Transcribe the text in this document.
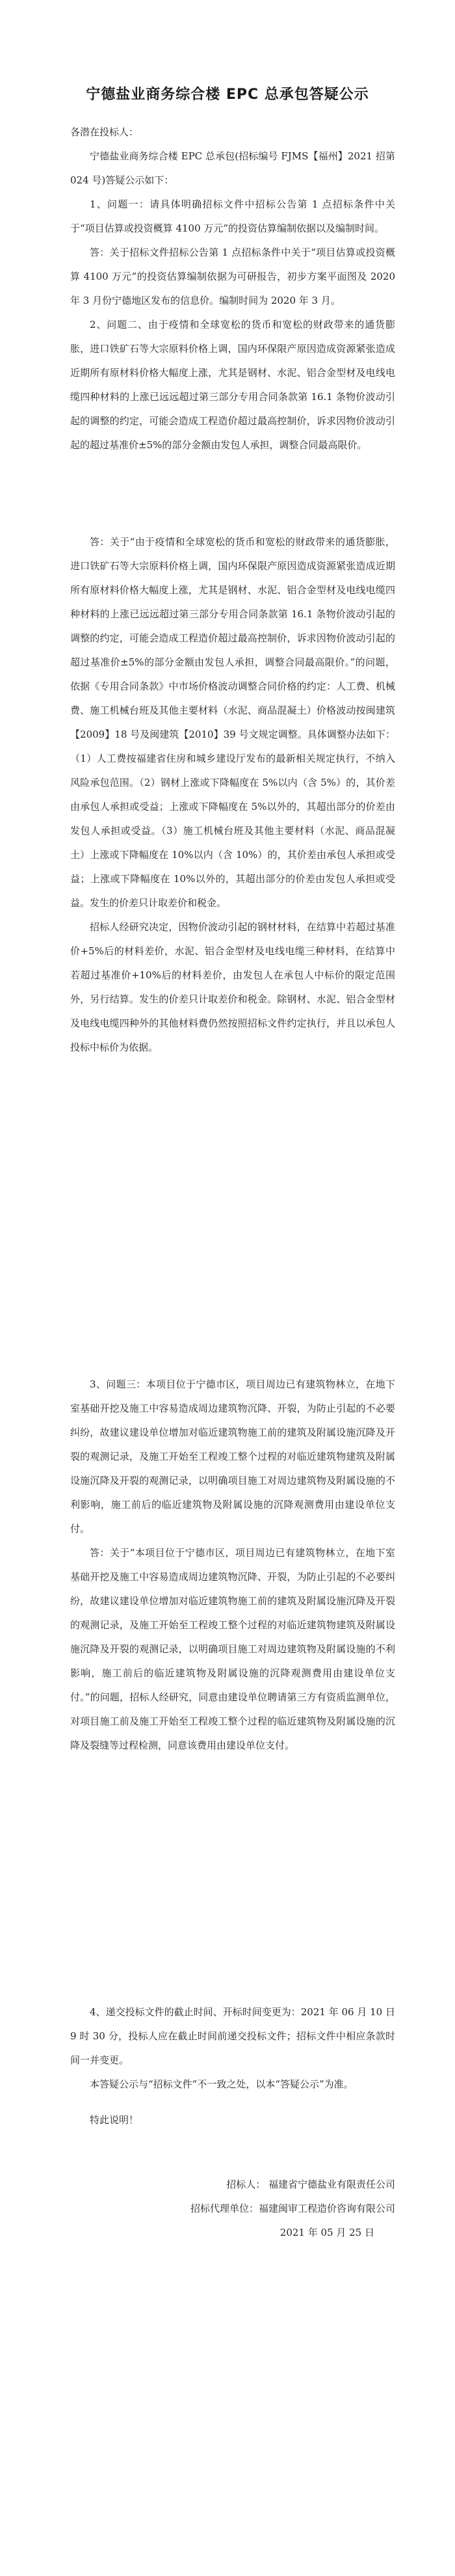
宁德盐业商务综合楼 EPC 总承包答疑公示

各潜在投标人：

宁德盐业商务综合楼 EPC 总承包(招标编号 FJMS【福州】2021 招第 024 号)答疑公示如下：

1、问题一：请具体明确招标文件中招标公告第 1 点招标条件中关于“项目估算或投资概算 4100 万元”的投资估算编制依据以及编制时间。

答：关于招标文件招标公告第 1 点招标条件中关于“项目估算或投资概算 4100 万元”的投资估算编制依据为可研报告，初步方案平面图及 2020 年 3 月份宁德地区发布的信息价。编制时间为 2020 年 3 月。

2、问题二、由于疫情和全球宽松的货币和宽松的财政带来的通货膨胀，进口铁矿石等大宗原料价格上调，国内环保限产原因造成资源紧张造成近期所有原材料价格大幅度上涨，尤其是钢材、水泥、铝合金型材及电线电缆四种材料的上涨已远远超过第三部分专用合同条款第 16.1 条物价波动引起的调整的约定，可能会造成工程造价超过最高控制价，诉求因物价波动引起的超过基准价±5%的部分金额由发包人承担，调整合同最高限价。

答：关于“由于疫情和全球宽松的货币和宽松的财政带来的通货膨胀，进口铁矿石等大宗原料价格上调，国内环保限产原因造成资源紧张造成近期所有原材料价格大幅度上涨，尤其是钢材、水泥、铝合金型材及电线电缆四种材料的上涨已远远超过第三部分专用合同条款第 16.1 条物价波动引起的调整的约定，可能会造成工程造价超过最高控制价，诉求因物价波动引起的超过基准价±5%的部分金额由发包人承担，调整合同最高限价。”的问题，依据《专用合同条款》中市场价格波动调整合同价格的约定：人工费、机械费、施工机械台班及其他主要材料（水泥、商品混凝土）价格波动按闽建筑【2009】18 号及闽建筑【2010】39 号文规定调整。具体调整办法如下：（1）人工费按福建省住房和城乡建设厅发布的最新相关规定执行，不纳入风险承包范围。（2）钢材上涨或下降幅度在 5%以内（含 5%）的，其价差由承包人承担或受益；上涨或下降幅度在 5%以外的，其超出部分的价差由发包人承担或受益。（3）施工机械台班及其他主要材料（水泥、商品混凝土）上涨或下降幅度在 10%以内（含 10%）的，其价差由承包人承担或受益；上涨或下降幅度在 10%以外的，其超出部分的价差由发包人承担或受益。发生的价差只计取差价和税金。

招标人经研究决定，因物价波动引起的钢材材料，在结算中若超过基准价+5%后的材料差价，水泥、铝合金型材及电线电缆三种材料，在结算中若超过基准价+10%后的材料差价，由发包人在承包人中标价的限定范围外，另行结算。发生的价差只计取差价和税金。除钢材、水泥、铝合金型材及电线电缆四种外的其他材料费仍然按照招标文件约定执行，并且以承包人投标中标价为依据。

3、问题三：本项目位于宁德市区，项目周边已有建筑物林立，在地下室基础开挖及施工中容易造成周边建筑物沉降、开裂，为防止引起的不必要纠纷，故建议建设单位增加对临近建筑物施工前的建筑及附属设施沉降及开裂的观测记录，及施工开始至工程竣工整个过程的对临近建筑物建筑及附属设施沉降及开裂的观测记录，以明确项目施工对周边建筑物及附属设施的不利影响，施工前后的临近建筑物及附属设施的沉降观测费用由建设单位支付。

答：关于“本项目位于宁德市区，项目周边已有建筑物林立，在地下室基础开挖及施工中容易造成周边建筑物沉降、开裂，为防止引起的不必要纠纷，故建议建设单位增加对临近建筑物施工前的建筑及附属设施沉降及开裂的观测记录，及施工开始至工程竣工整个过程的对临近建筑物建筑及附属设施沉降及开裂的观测记录，以明确项目施工对周边建筑物及附属设施的不利影响，施工前后的临近建筑物及附属设施的沉降观测费用由建设单位支付。”的问题，招标人经研究，同意由建设单位聘请第三方有资质监测单位，对项目施工前及施工开始至工程竣工整个过程的临近建筑物及附属设施的沉降及裂缝等过程检测，同意该费用由建设单位支付。

4、递交投标文件的截止时间、开标时间变更为：2021 年 06 月 10 日 9 时 30 分，投标人应在截止时间前递交投标文件；招标文件中相应条款时间一并变更。

本答疑公示与“招标文件”不一致之处，以本“答疑公示”为准。

特此说明！

招标人： 福建省宁德盐业有限责任公司
招标代理单位：福建闽审工程造价咨询有限公司
2021 年 05 月 25 日
